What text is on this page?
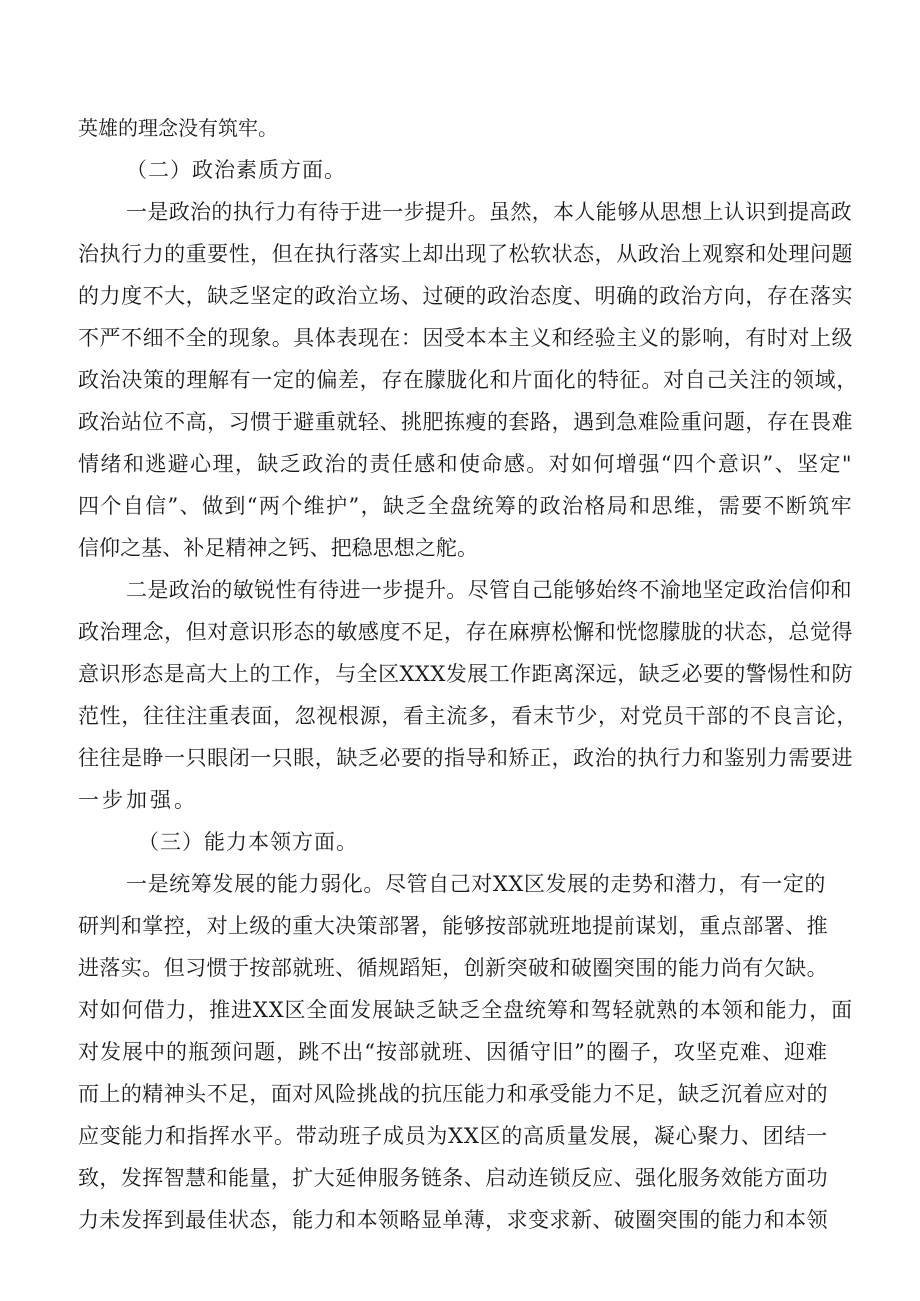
英雄的理念没有筑牢。
（二）政治素质方面。
一是政治的执行力有待于进一步提升。虽然，本人能够从思想上认识到提高政
治执行力的重要性，但在执行落实上却出现了松软状态，从政治上观察和处理问题
的力度不大，缺乏坚定的政治立场、过硬的政治态度、明确的政治方向，存在落实
不严不细不全的现象。具体表现在：因受本本主义和经验主义的影响，有时对上级
政治决策的理解有一定的偏差，存在朦胧化和片面化的特征。对自己关注的领域，
政治站位不高，习惯于避重就轻、挑肥拣瘦的套路，遇到急难险重问题，存在畏难
情绪和逃避心理，缺乏政治的责任感和使命感。对如何增强“四个意识”、坚定"
四个自信”、做到“两个维护”，缺乏全盘统筹的政治格局和思维，需要不断筑牢
信仰之基、补足精神之钙、把稳思想之舵。
二是政治的敏锐性有待进一步提升。尽管自己能够始终不渝地坚定政治信仰和
政治理念，但对意识形态的敏感度不足，存在麻痹松懈和恍惚朦胧的状态，总觉得
意识形态是高大上的工作，与全区XXX发展工作距离深远，缺乏必要的警惕性和防
范性，往往注重表面，忽视根源，看主流多，看末节少，对党员干部的不良言论，
往往是睁一只眼闭一只眼，缺乏必要的指导和矫正，政治的执行力和鉴别力需要进
一步加强。
（三）能力本领方面。
一是统筹发展的能力弱化。尽管自己对XX区发展的走势和潜力，有一定的
研判和掌控，对上级的重大决策部署，能够按部就班地提前谋划，重点部署、推
进落实。但习惯于按部就班、循规蹈矩，创新突破和破圈突围的能力尚有欠缺。
对如何借力，推进XX区全面发展缺乏缺乏全盘统筹和驾轻就熟的本领和能力，面
对发展中的瓶颈问题，跳不出“按部就班、因循守旧”的圈子，攻坚克难、迎难
而上的精神头不足，面对风险挑战的抗压能力和承受能力不足，缺乏沉着应对的
应变能力和指挥水平。带动班子成员为XX区的高质量发展，凝心聚力、团结一
致，发挥智慧和能量，扩大延伸服务链条、启动连锁反应、强化服务效能方面功
力未发挥到最佳状态，能力和本领略显单薄，求变求新、破圈突围的能力和本领
